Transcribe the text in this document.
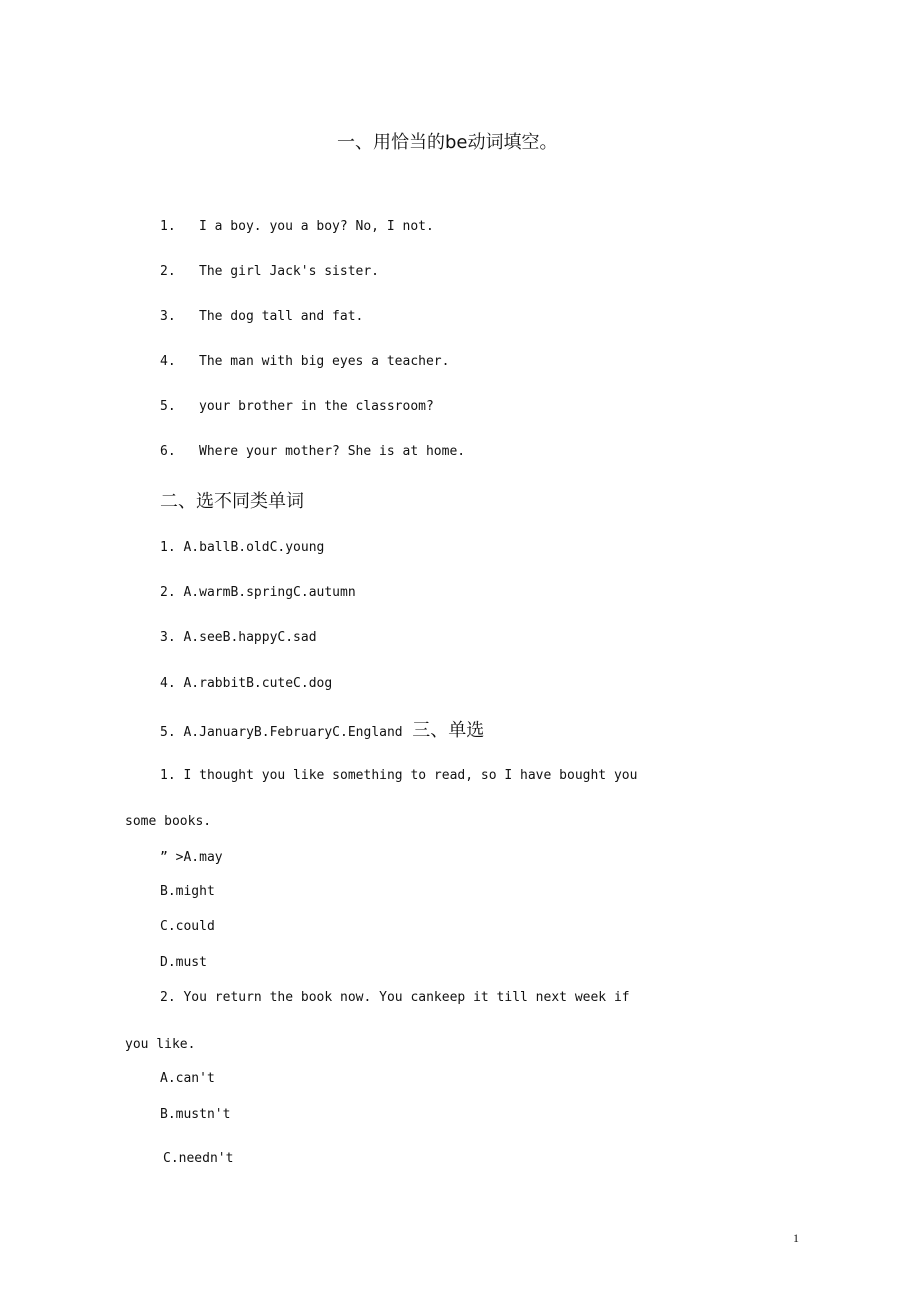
一、用恰当的be动词填空。
1. I a boy. you a boy? No, I not.
2. The girl Jack's sister.
3. The dog tall and fat.
4. The man with big eyes a teacher.
5. your brother in the classroom?
6. Where your mother? She is at home.
二、选不同类单词
1. A.ballB.oldC.young
2. A.warmB.springC.autumn
3. A.seeB.happyC.sad
4. A.rabbitB.cuteC.dog
5. A.JanuaryB.FebruaryC.England 三、单选
1. I thought you like something to read, so I have bought you
some books.
” >A.may
B.might
C.could
D.must
2. You return the book now. You cankeep it till next week if
you like.
A.can't
B.mustn't
C.needn't
1
